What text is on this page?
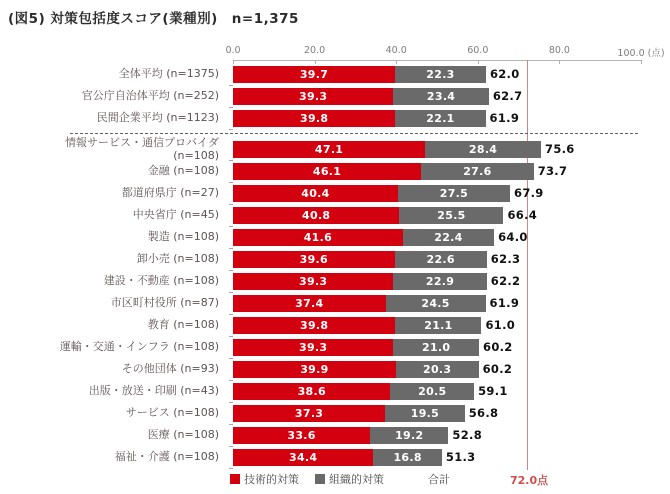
(図5) 対策包括度スコア(業種別)　n=1,375
0.0	20.0	40.0	60.0	80.0	100.0 (点)
全体平均 (n=1375)	39.7	22.3	62.0
官公庁自治体平均 (n=252)	39.3	23.4	62.7
民間企業平均 (n=1123)	39.8	22.1	61.9
情報サービス・通信プロバイダ (n=108)	47.1	28.4	75.6
金融 (n=108)	46.1	27.6	73.7
都道府県庁 (n=27)	40.4	27.5	67.9
中央省庁 (n=45)	40.8	25.5	66.4
製造 (n=108)	41.6	22.4	64.0
卸小売 (n=108)	39.6	22.6	62.3
建設・不動産 (n=108)	39.3	22.9	62.2
市区町村役所 (n=87)	37.4	24.5	61.9
教育 (n=108)	39.8	21.1	61.0
運輸・交通・インフラ (n=108)	39.3	21.0	60.2
その他団体 (n=93)	39.9	20.3	60.2
出版・放送・印刷 (n=43)	38.6	20.5	59.1
サービス (n=108)	37.3	19.5	56.8
医療 (n=108)	33.6	19.2	52.8
福祉・介護 (n=108)	34.4	16.8 51.3
技術的対策	組織的対策	合計	72.0点
